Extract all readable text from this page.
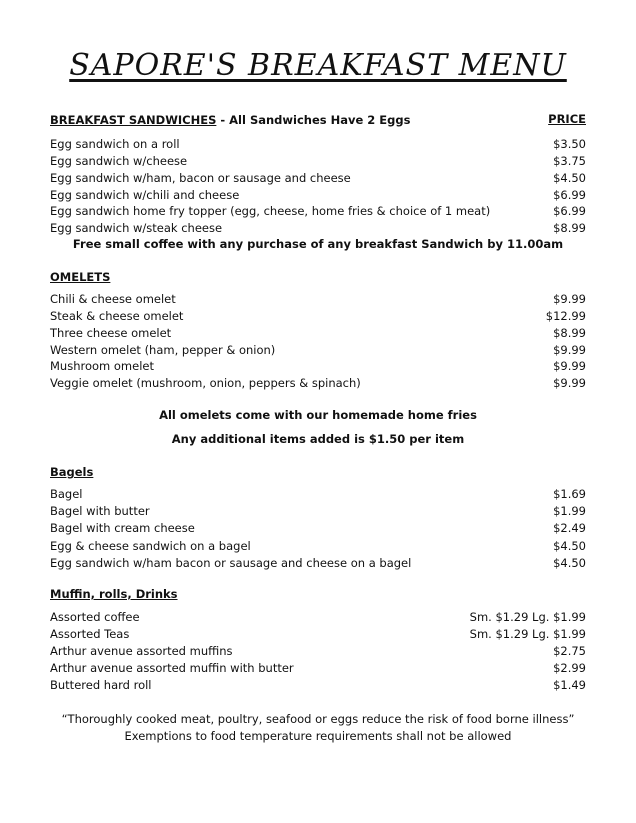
SAPORE'S BREAKFAST MENU
BREAKFAST SANDWICHES - All Sandwiches Have 2 Eggs	PRICE
Egg sandwich on a roll	$3.50
Egg sandwich w/cheese	$3.75
Egg sandwich w/ham, bacon or sausage and cheese	$4.50
Egg sandwich w/chili and cheese	$6.99
Egg sandwich home fry topper (egg, cheese, home fries & choice of 1 meat)	$6.99
Egg sandwich w/steak cheese	$8.99
Free small coffee with any purchase of any breakfast Sandwich by 11.00am
OMELETS
Chili & cheese omelet	$9.99
Steak & cheese omelet	$12.99
Three cheese omelet	$8.99
Western omelet (ham, pepper & onion)	$9.99
Mushroom omelet	$9.99
Veggie omelet (mushroom, onion, peppers & spinach)	$9.99
All omelets come with our homemade home fries
Any additional items added is $1.50 per item
Bagels
Bagel	$1.69
Bagel with butter	$1.99
Bagel with cream cheese	$2.49
Egg & cheese sandwich on a bagel	$4.50
Egg sandwich w/ham bacon or sausage and cheese on a bagel	$4.50
Muffin, rolls, Drinks
Assorted coffee	Sm. $1.29 Lg. $1.99
Assorted Teas	Sm. $1.29 Lg. $1.99
Arthur avenue assorted muffins	$2.75
Arthur avenue assorted muffin with butter	$2.99
Buttered hard roll	$1.49
“Thoroughly cooked meat, poultry, seafood or eggs reduce the risk of food borne illness”
Exemptions to food temperature requirements shall not be allowed
